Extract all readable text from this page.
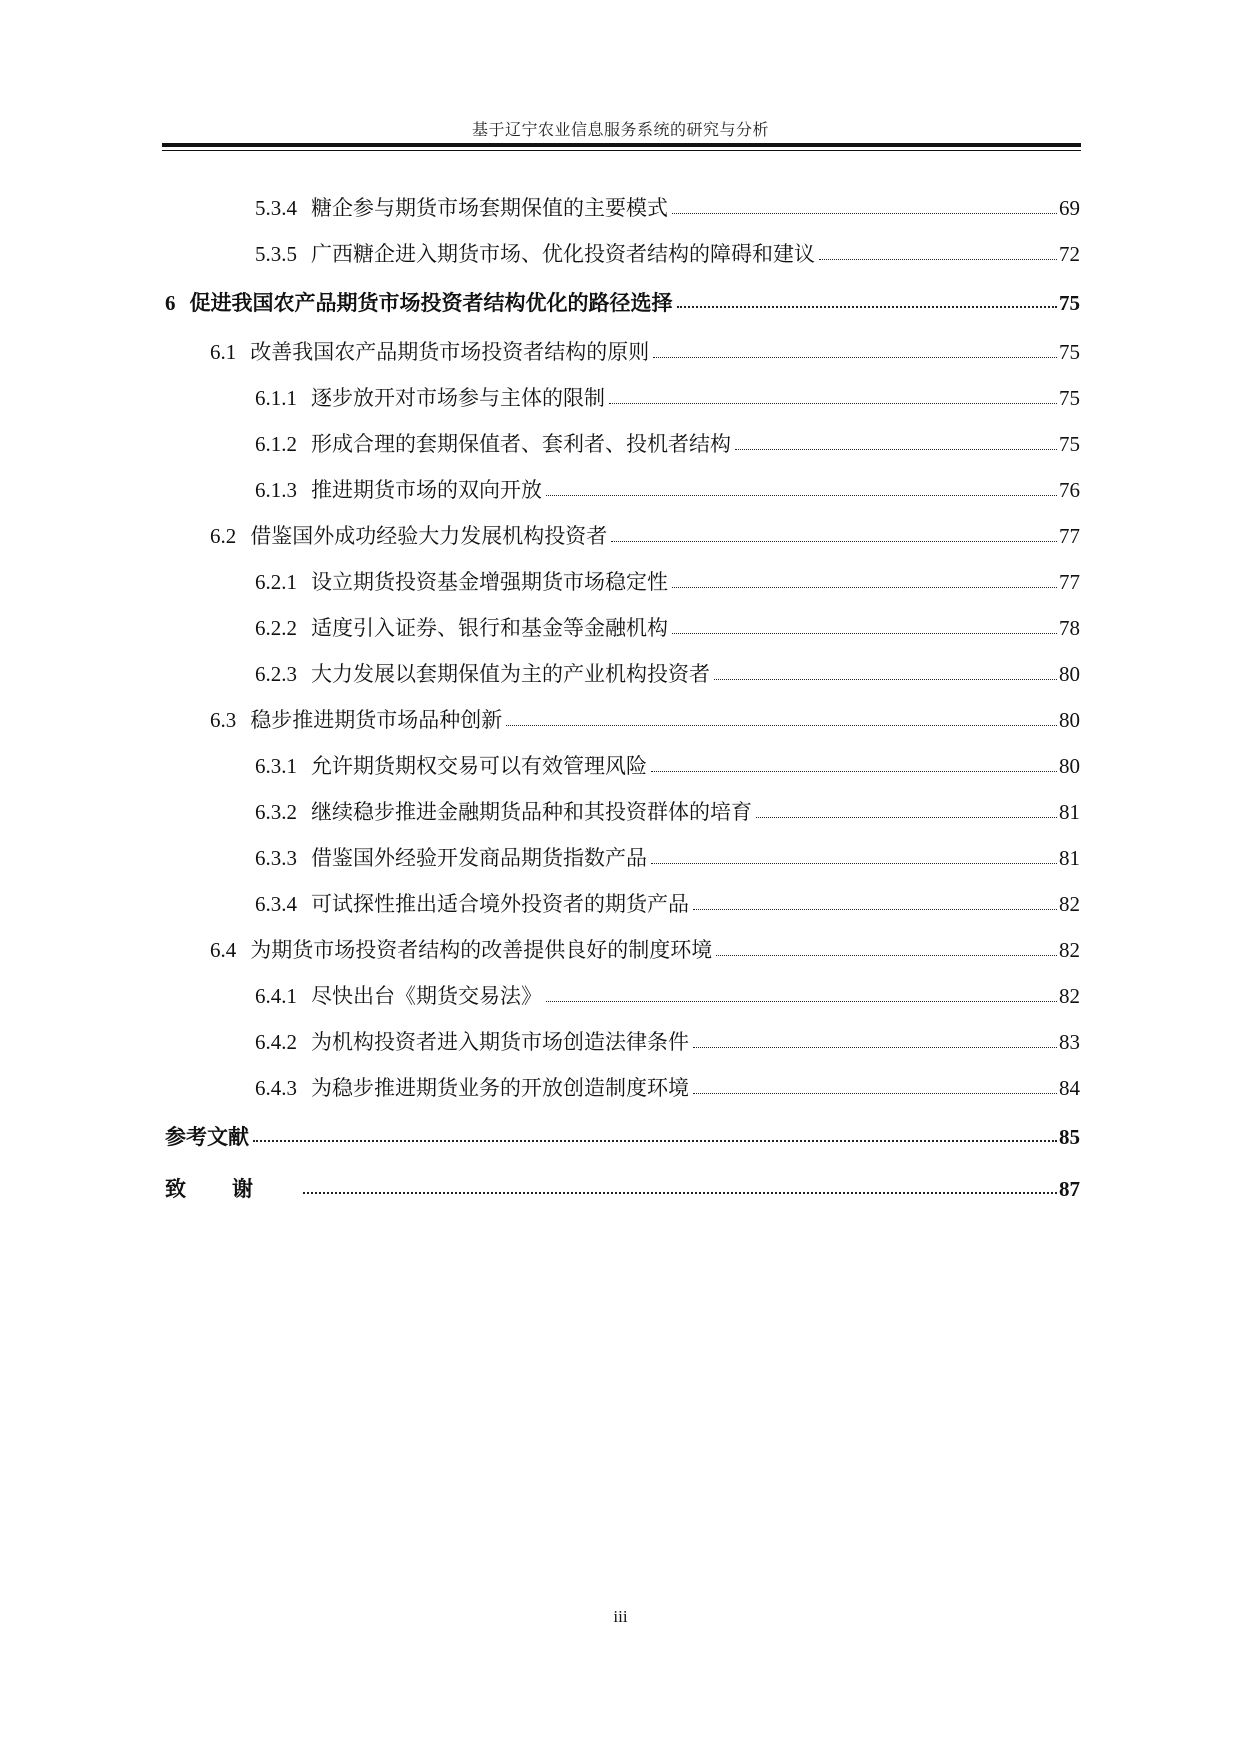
基于辽宁农业信息服务系统的研究与分析
5.3.4 糖企参与期货市场套期保值的主要模式	69
5.3.5 广西糖企进入期货市场、优化投资者结构的障碍和建议	72
6 促进我国农产品期货市场投资者结构优化的路径选择	75
6.1 改善我国农产品期货市场投资者结构的原则	75
6.1.1 逐步放开对市场参与主体的限制	75
6.1.2 形成合理的套期保值者、套利者、投机者结构	75
6.1.3 推进期货市场的双向开放	76
6.2 借鉴国外成功经验大力发展机构投资者	77
6.2.1 设立期货投资基金增强期货市场稳定性	77
6.2.2 适度引入证券、银行和基金等金融机构	78
6.2.3 大力发展以套期保值为主的产业机构投资者	80
6.3 稳步推进期货市场品种创新	80
6.3.1 允许期货期权交易可以有效管理风险	80
6.3.2 继续稳步推进金融期货品种和其投资群体的培育	81
6.3.3 借鉴国外经验开发商品期货指数产品	81
6.3.4 可试探性推出适合境外投资者的期货产品	82
6.4 为期货市场投资者结构的改善提供良好的制度环境	82
6.4.1 尽快出台《期货交易法》	82
6.4.2 为机构投资者进入期货市场创造法律条件	83
6.4.3 为稳步推进期货业务的开放创造制度环境	84
参考文献	85
致谢	87
iii
